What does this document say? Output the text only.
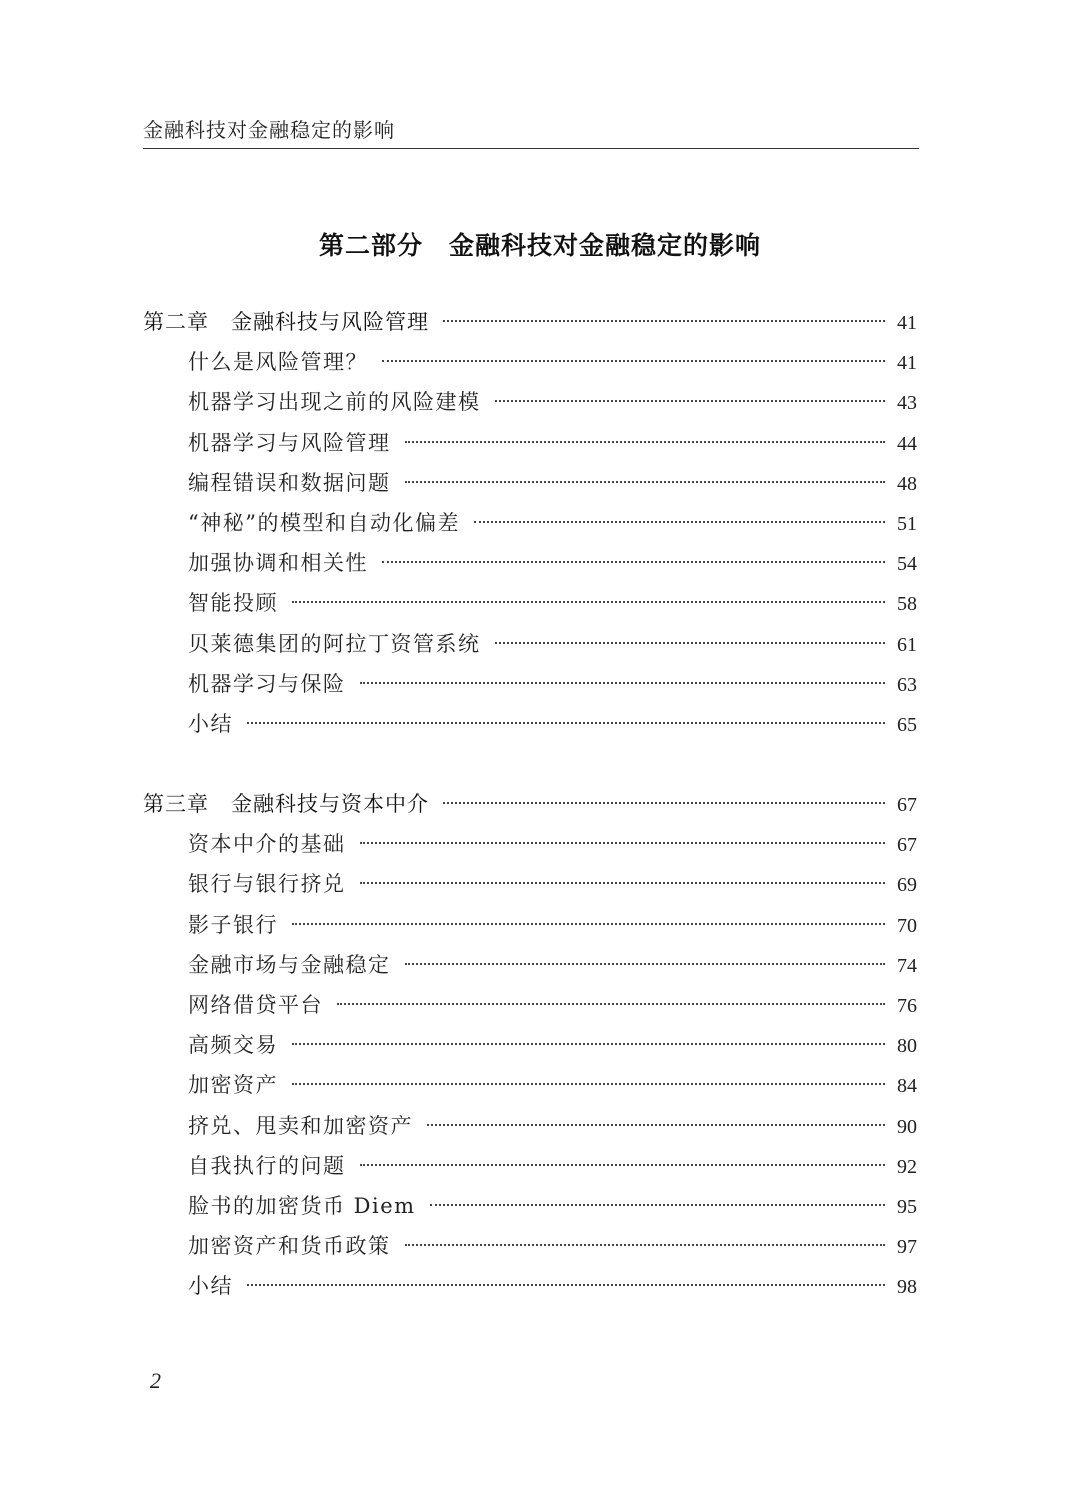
金融科技对金融稳定的影响
第二部分　金融科技对金融稳定的影响
第二章 金融科技与风险管理	41
什么是风险管理？	41
机器学习出现之前的风险建模	43
机器学习与风险管理	44
编程错误和数据问题	48
“神秘”的模型和自动化偏差	51
加强协调和相关性	54
智能投顾	58
贝莱德集团的阿拉丁资管系统	61
机器学习与保险	63
小结	65
第三章 金融科技与资本中介	67
资本中介的基础	67
银行与银行挤兑	69
影子银行	70
金融市场与金融稳定	74
网络借贷平台	76
高频交易	80
加密资产	84
挤兑、甩卖和加密资产	90
自我执行的问题	92
脸书的加密货币 Diem	95
加密资产和货币政策	97
小结	98
2
